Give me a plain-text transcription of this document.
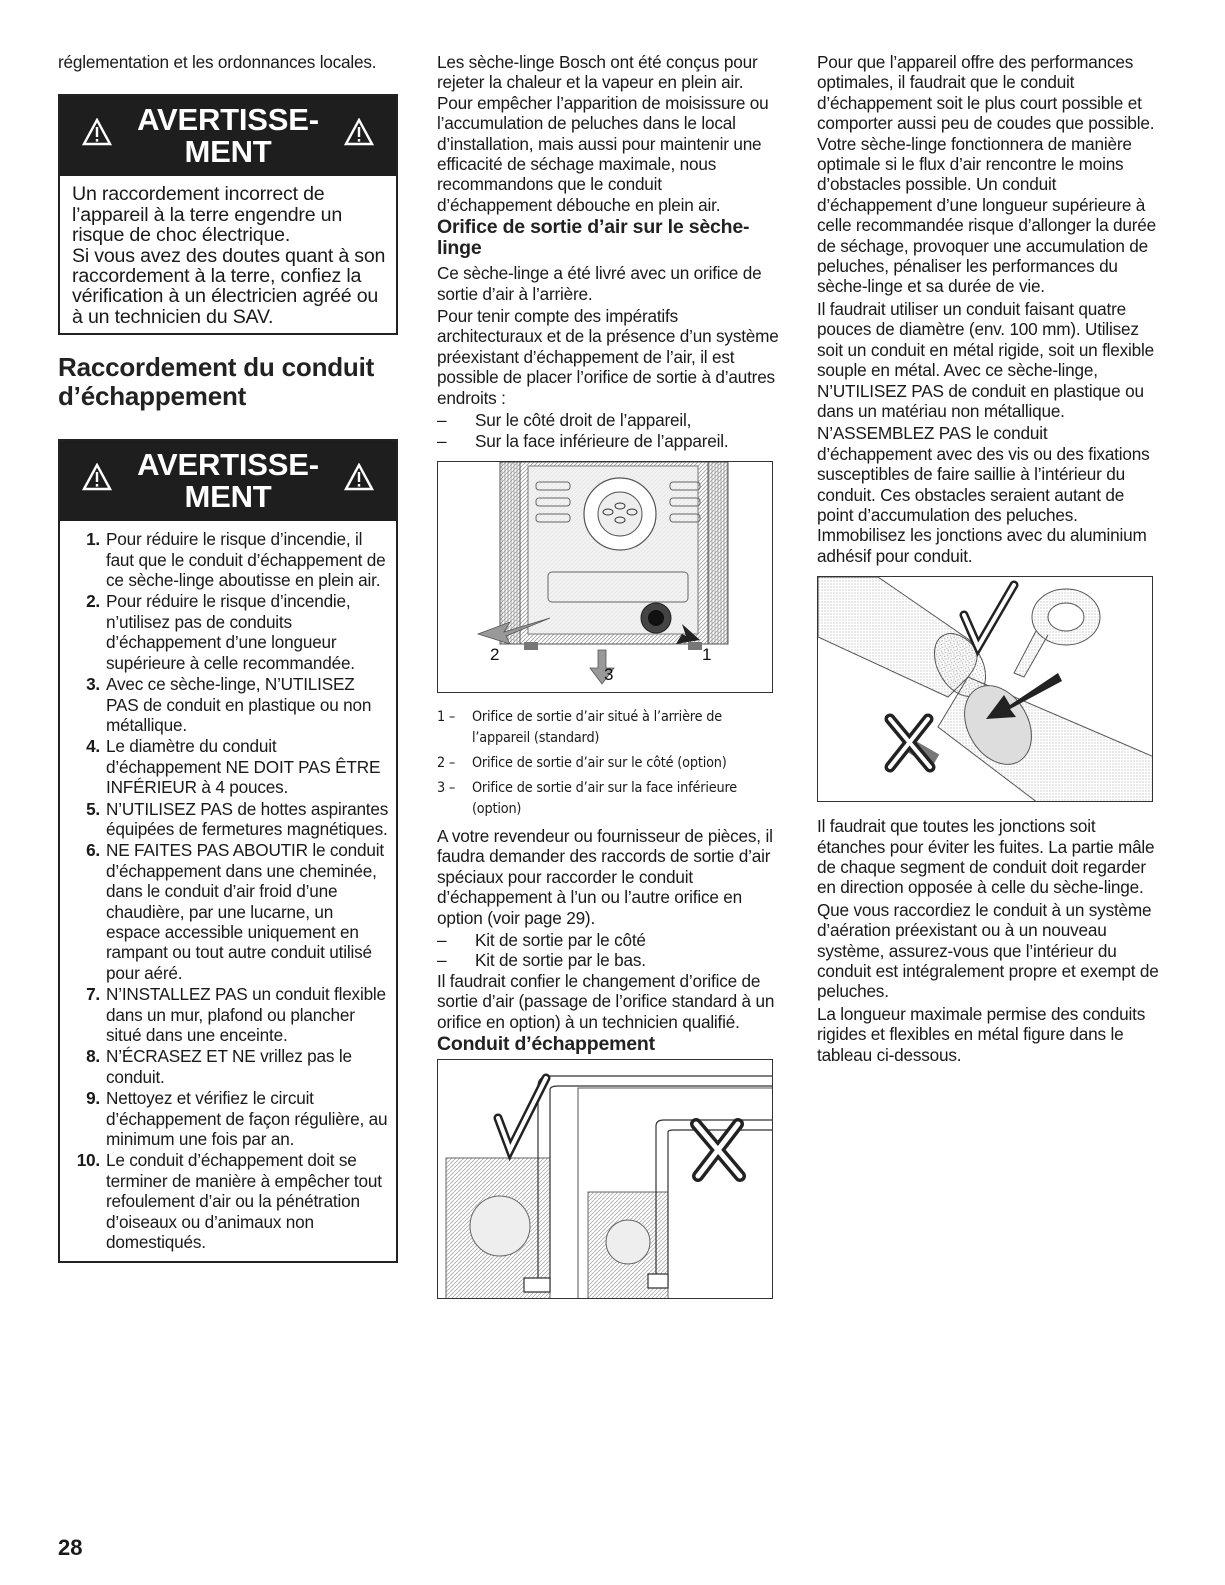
réglementation et les ordonnances locales.

AVERTISSE-
MENT
Un raccordement incorrect de l’appareil à la terre engendre un risque de choc électrique.
Si vous avez des doutes quant à son raccordement à la terre, confiez la vérification à un électricien agréé ou à un technicien du SAV.
Raccordement du conduit d’échappement
AVERTISSE-
MENT
1. Pour réduire le risque d’incendie, il faut que le conduit d’échappement de ce sèche-linge aboutisse en plein air.
2. Pour réduire le risque d’incendie, n’utilisez pas de conduits d’échappement d’une longueur supérieure à celle recommandée.
3. Avec ce sèche-linge, N’UTILISEZ PAS de conduit en plastique ou non métallique.
4. Le diamètre du conduit d’échappement NE DOIT PAS ÊTRE INFÉRIEUR à 4 pouces.
5. N’UTILISEZ PAS de hottes aspirantes équipées de fermetures magnétiques.
6. NE FAITES PAS ABOUTIR le conduit d’échappement dans une cheminée, dans le conduit d’air froid d’une chaudière, par une lucarne, un espace accessible uniquement en rampant ou tout autre conduit utilisé pour aéré.
7. N’INSTALLEZ PAS un conduit flexible dans un mur, plafond ou plancher situé dans une enceinte.
8. N’ÉCRASEZ ET NE vrillez pas le conduit.
9. Nettoyez et vérifiez le circuit d’échappement de façon régulière, au minimum une fois par an.
10. Le conduit d’échappement doit se terminer de manière à empêcher tout refoulement d’air ou la pénétration d’oiseaux ou d’animaux non domestiqués.

Les sèche-linge Bosch ont été conçus pour rejeter la chaleur et la vapeur en plein air. Pour empêcher l’apparition de moisissure ou l’accumulation de peluches dans le local d’installation, mais aussi pour maintenir une efficacité de séchage maximale, nous recommandons que le conduit d’échappement débouche en plein air.

Orifice de sortie d’air sur le sèche-linge

Ce sèche-linge a été livré avec un orifice de sortie d’air à l’arrière.

Pour tenir compte des impératifs architecturaux et de la présence d’un système préexistant d’échappement de l’air, il est possible de placer l’orifice de sortie à d’autres endroits :

–	Sur le côté droit de l’appareil,
–	Sur la face inférieure de l’appareil.
2	1
3
1 –	Orifice de sortie d’air situé à l’arrière de l’appareil (standard)
2 –	Orifice de sortie d’air sur le côté (option)
3 –	Orifice de sortie d’air sur la face inférieure (option)

A votre revendeur ou fournisseur de pièces, il faudra demander des raccords de sortie d’air spéciaux pour raccorder le conduit d’échappement à l’un ou l’autre orifice en option (voir page 29).

–	Kit de sortie par le côté
–	Kit de sortie par le bas.

Il faudrait confier le changement d’orifice de sortie d’air (passage de l’orifice standard à un orifice en option) à un technicien qualifié.

Conduit d’échappement

Pour que l’appareil offre des performances optimales, il faudrait que le conduit d’échappement soit le plus court possible et comporter aussi peu de coudes que possible. Votre sèche-linge fonctionnera de manière optimale si le flux d’air rencontre le moins d’obstacles possible. Un conduit d’échappement d’une longueur supérieure à celle recommandée risque d’allonger la durée de séchage, provoquer une accumulation de peluches, pénaliser les performances du sèche-linge et sa durée de vie.

Il faudrait utiliser un conduit faisant quatre pouces de diamètre (env. 100 mm). Utilisez soit un conduit en métal rigide, soit un flexible souple en métal. Avec ce sèche-linge, N’UTILISEZ PAS de conduit en plastique ou dans un matériau non métallique.

N’ASSEMBLEZ PAS le conduit d’échappement avec des vis ou des fixations susceptibles de faire saillie à l’intérieur du conduit. Ces obstacles seraient autant de point d’accumulation des peluches. Immobilisez les jonctions avec du aluminium adhésif pour conduit.

Il faudrait que toutes les jonctions soit étanches pour éviter les fuites. La partie mâle de chaque segment de conduit doit regarder en direction opposée à celle du sèche-linge.

Que vous raccordiez le conduit à un système d’aération préexistant ou à un nouveau système, assurez-vous que l’intérieur du conduit est intégralement propre et exempt de peluches.

La longueur maximale permise des conduits rigides et flexibles en métal figure dans le tableau ci-dessous.

28
